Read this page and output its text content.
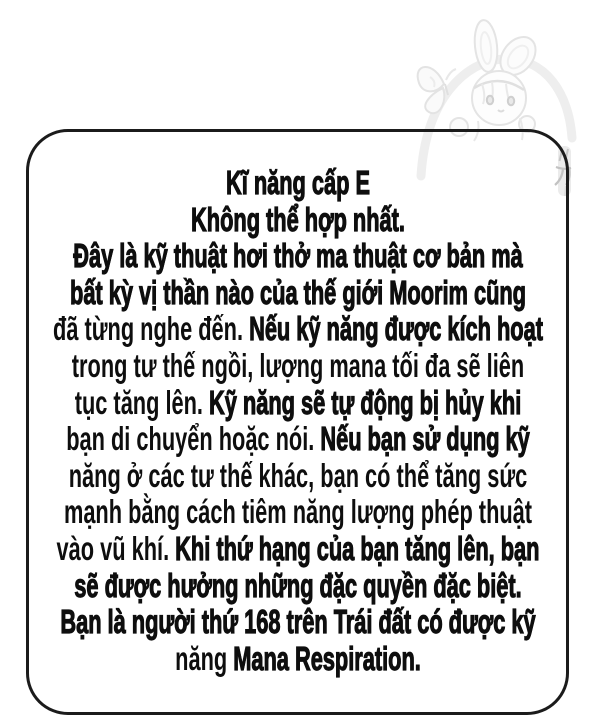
Kĩ năng cấp E
Không thể hợp nhất.
Đây là kỹ thuật hơi thở ma thuật cơ bản mà
bất kỳ vị thần nào của thế giới Moorim cũng
đã từng nghe đến. Nếu kỹ năng được kích hoạt
trong tư thế ngồi, lượng mana tối đa sẽ liên
tục tăng lên. Kỹ năng sẽ tự động bị hủy khi
bạn di chuyển hoặc nói. Nếu bạn sử dụng kỹ
năng ở các tư thế khác, bạn có thể tăng sức
mạnh bằng cách tiêm năng lượng phép thuật
vào vũ khí. Khi thứ hạng của bạn tăng lên, bạn
sẽ được hưởng những đặc quyền đặc biệt.
Bạn là người thứ 168 trên Trái đất có được kỹ
năng Mana Respiration.
